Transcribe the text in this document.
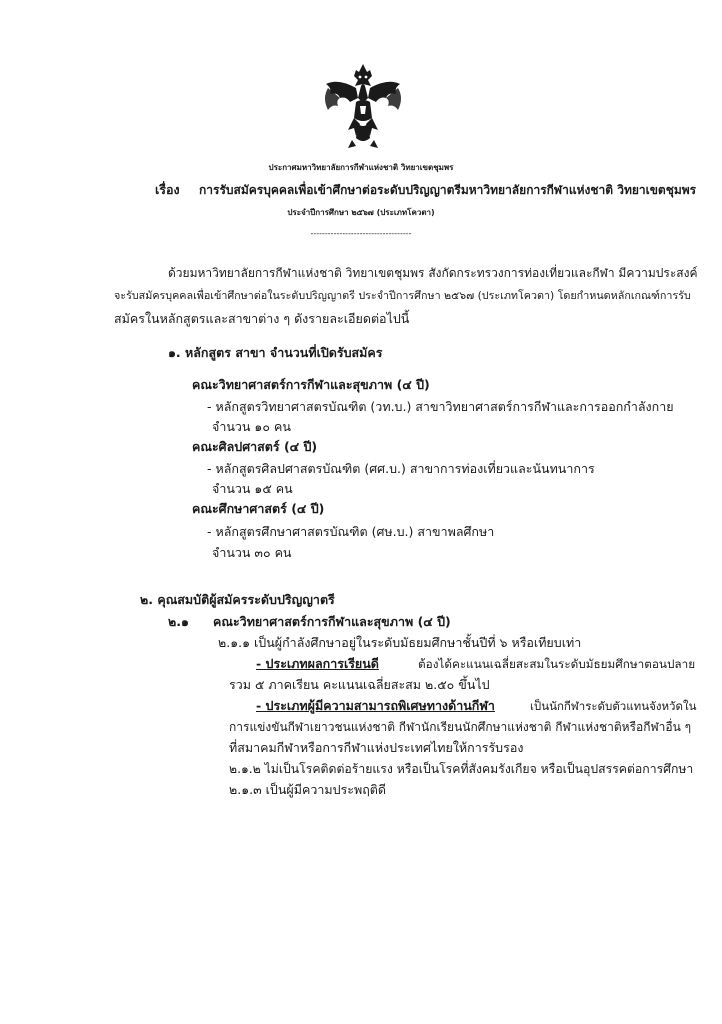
ประกาศมหาวิทยาลัยการกีฬาแห่งชาติ วิทยาเขตชุมพร
เรื่อง การรับสมัครบุคคลเพื่อเข้าศึกษาต่อระดับปริญญาตรีมหาวิทยาลัยการกีฬาแห่งชาติ วิทยาเขตชุมพร
ประจำปีการศึกษา ๒๕๖๗ (ประเภทโควตา)
-----------------------------------
ด้วยมหาวิทยาลัยการกีฬาแห่งชาติ วิทยาเขตชุมพร สังกัดกระทรวงการท่องเที่ยวและกีฬา มีความประสงค์
จะรับสมัครบุคคลเพื่อเข้าศึกษาต่อในระดับปริญญาตรี ประจำปีการศึกษา ๒๕๖๗ (ประเภทโควตา) โดยกำหนดหลักเกณฑ์การรับ
สมัครในหลักสูตรและสาขาต่าง ๆ ดังรายละเอียดต่อไปนี้
๑. หลักสูตร สาขา จำนวนที่เปิดรับสมัคร
คณะวิทยาศาสตร์การกีฬาและสุขภาพ (๔ ปี)
- หลักสูตรวิทยาศาสตรบัณฑิต (วท.บ.) สาขาวิทยาศาสตร์การกีฬาและการออกกำลังกาย
จำนวน ๑๐ คน
คณะศิลปศาสตร์ (๔ ปี)
- หลักสูตรศิลปศาสตรบัณฑิต (ศศ.บ.) สาขาการท่องเที่ยวและนันทนาการ
จำนวน ๑๕ คน
คณะศึกษาศาสตร์ (๔ ปี)
- หลักสูตรศึกษาศาสตรบัณฑิต (ศษ.บ.) สาขาพลศึกษา
จำนวน ๓๐ คน
๒. คุณสมบัติผู้สมัครระดับปริญญาตรี
๒.๑ คณะวิทยาศาสตร์การกีฬาและสุขภาพ (๔ ปี)
๒.๑.๑ เป็นผู้กำลังศึกษาอยู่ในระดับมัธยมศึกษาชั้นปีที่ ๖ หรือเทียบเท่า
- ประเภทผลการเรียนดี	ต้องได้คะแนนเฉลี่ยสะสมในระดับมัธยมศึกษาตอนปลาย
รวม ๕ ภาคเรียน คะแนนเฉลี่ยสะสม ๒.๕๐ ขึ้นไป
- ประเภทผู้มีความสามารถพิเศษทางด้านกีฬา	เป็นนักกีฬาระดับตัวแทนจังหวัดใน
การแข่งขันกีฬาเยาวชนแห่งชาติ กีฬานักเรียนนักศึกษาแห่งชาติ กีฬาแห่งชาติหรือกีฬาอื่น ๆ
ที่สมาคมกีฬาหรือการกีฬาแห่งประเทศไทยให้การรับรอง
๒.๑.๒ ไม่เป็นโรคติดต่อร้ายแรง หรือเป็นโรคที่สังคมรังเกียจ หรือเป็นอุปสรรคต่อการศึกษา
๒.๑.๓ เป็นผู้มีความประพฤติดี
